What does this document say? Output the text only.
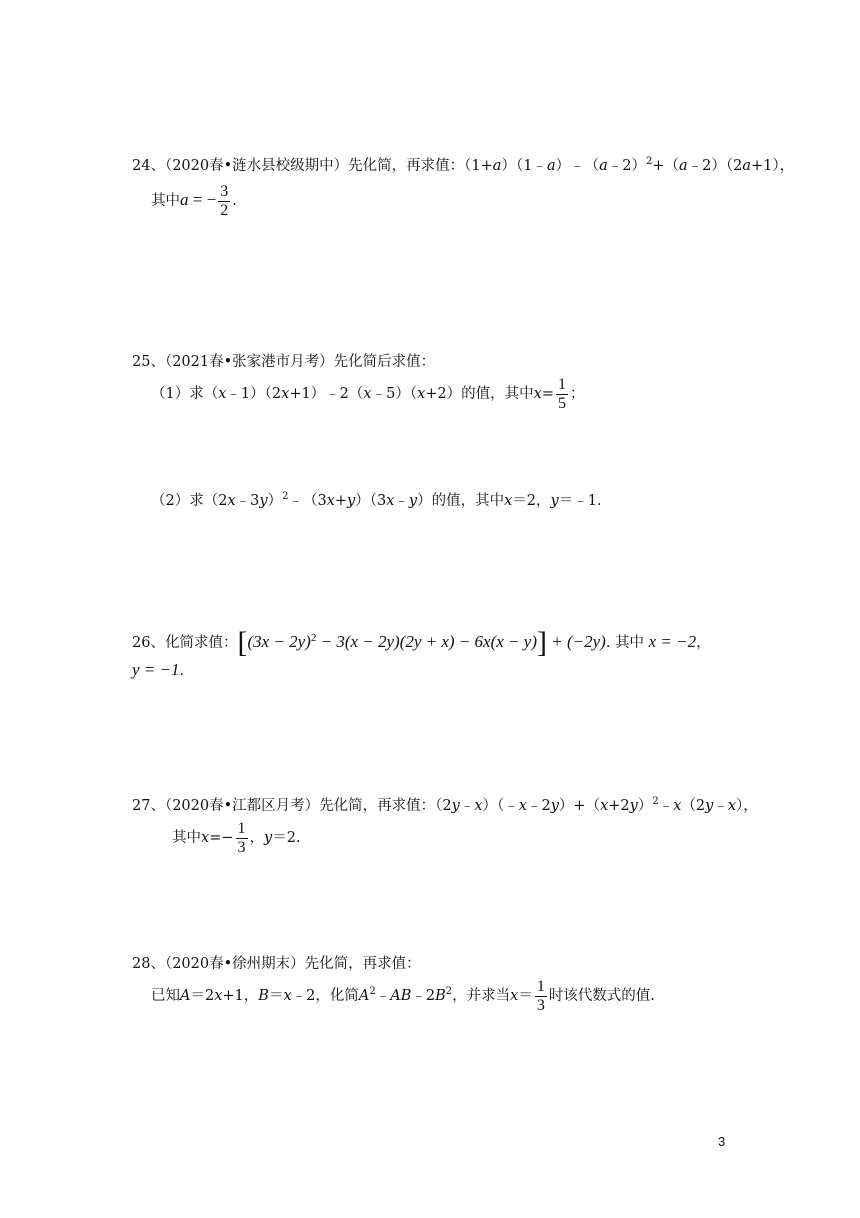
24、（2020春•涟水县校级期中）先化简，再求值：（1+a）（1﹣a）﹣（a﹣2）$^2$+（a﹣2）（2a+1），
其中a = − $\frac{3}{2}$ .
25、（2021春•张家港市月考）先化简后求值：
（1）求（x﹣1）（2x+1）﹣2（x﹣5）（x+2）的值，其中$x= \frac{1}{5}$ ；
（2）求（2x﹣3y）$^2$﹣（3x+y）（3x﹣y）的值，其中x＝2，y＝﹣1.
26、化简求值：$[(3x - 2y)^2 - 3(x - 2y)(2y + x) - 6x(x - y)] + (-2y)$. 其中 x = −2，
y = −1.
27、（2020春•江都区月考）先化简，再求值：$(2y﹣x)(﹣x﹣2y)+(x+2y)^2﹣x(2y﹣x)$，
其中$x=- \frac{1}{3}$ ，y＝2.
28、（2020春•徐州期末）先化简，再求值：
已知A＝2x+1，B＝x﹣2，化简$A^2﹣AB﹣2B^2$，并求当$x= \frac{1}{3}$ 时该代数式的值.
3
